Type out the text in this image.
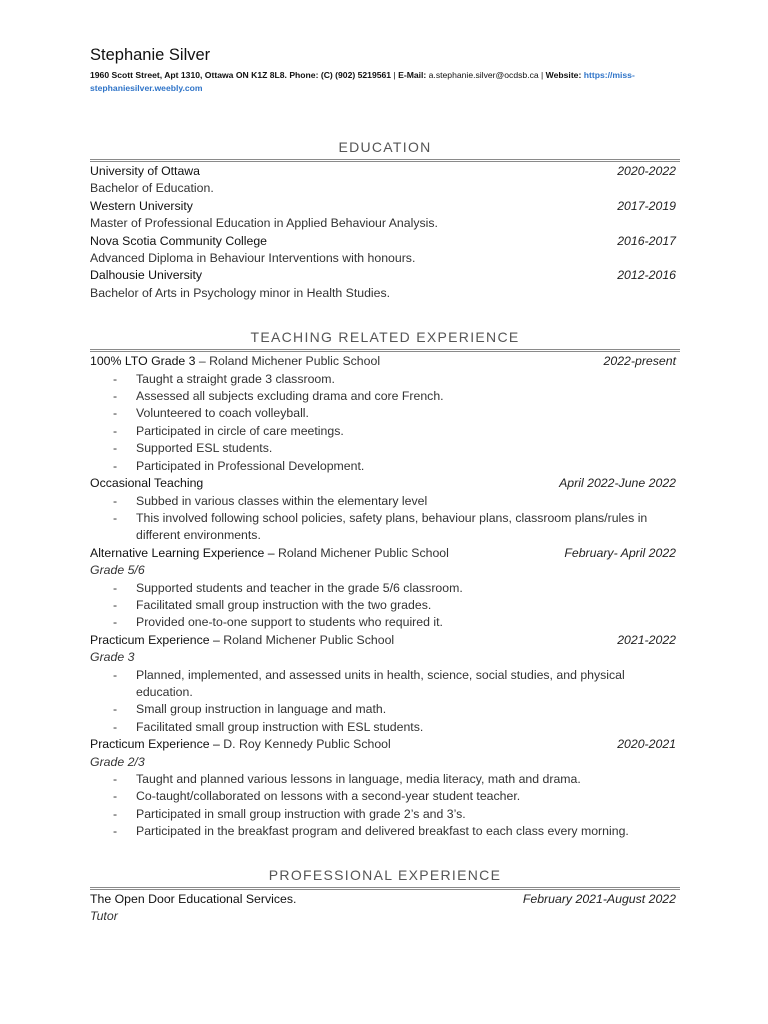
Stephanie Silver
1960 Scott Street, Apt 1310, Ottawa ON K1Z 8L8. Phone: (C) (902) 5219561 | E-Mail: a.stephanie.silver@ocdsb.ca | Website: https://miss-
stephaniesilver.weebly.com
EDUCATION
University of Ottawa	2020-2022
Bachelor of Education.
Western University	2017-2019
Master of Professional Education in Applied Behaviour Analysis.
Nova Scotia Community College	2016-2017
Advanced Diploma in Behaviour Interventions with honours.
Dalhousie University	2012-2016
Bachelor of Arts in Psychology minor in Health Studies.
TEACHING RELATED EXPERIENCE
100% LTO Grade 3 – Roland Michener Public School	2022-present
- Taught a straight grade 3 classroom.
- Assessed all subjects excluding drama and core French.
- Volunteered to coach volleyball.
- Participated in circle of care meetings.
- Supported ESL students.
- Participated in Professional Development.
Occasional Teaching	April 2022-June 2022
- Subbed in various classes within the elementary level
- This involved following school policies, safety plans, behaviour plans, classroom plans/rules in different environments.
Alternative Learning Experience – Roland Michener Public School	February- April 2022
Grade 5/6
- Supported students and teacher in the grade 5/6 classroom.
- Facilitated small group instruction with the two grades.
- Provided one-to-one support to students who required it.
Practicum Experience – Roland Michener Public School	2021-2022
Grade 3
- Planned, implemented, and assessed units in health, science, social studies, and physical education.
- Small group instruction in language and math.
- Facilitated small group instruction with ESL students.
Practicum Experience – D. Roy Kennedy Public School	2020-2021
Grade 2/3
- Taught and planned various lessons in language, media literacy, math and drama.
- Co-taught/collaborated on lessons with a second-year student teacher.
- Participated in small group instruction with grade 2’s and 3’s.
- Participated in the breakfast program and delivered breakfast to each class every morning.
PROFESSIONAL EXPERIENCE
The Open Door Educational Services.	February 2021-August 2022
Tutor
